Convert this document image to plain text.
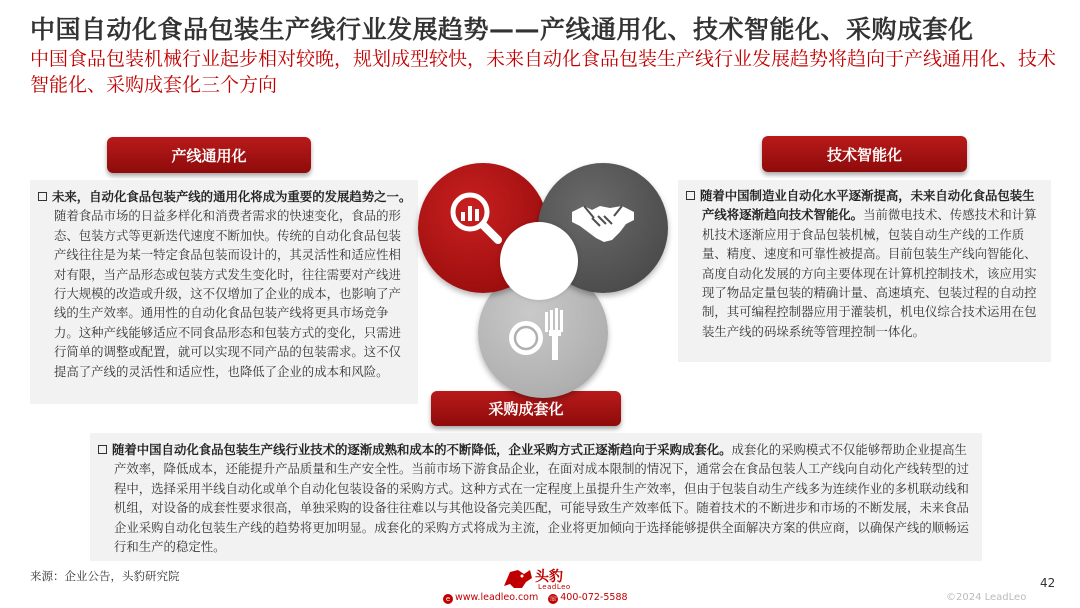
中国自动化食品包装生产线行业发展趋势——产线通用化、技术智能化、采购成套化
中国食品包装机械行业起步相对较晚，规划成型较快，未来自动化食品包装生产线行业发展趋势将趋向于产线通用化、技术智能化、采购成套化三个方向
产线通用化	技术智能化
采购成套化
未来，自动化食品包装产线的通用化将成为重要的发展趋势之一。随着食品市场的日益多样化和消费者需求的快速变化，食品的形态、包装方式等更新迭代速度不断加快。传统的自动化食品包装产线往往是为某一特定食品包装而设计的，其灵活性和适应性相对有限，当产品形态或包装方式发生变化时，往往需要对产线进行大规模的改造或升级，这不仅增加了企业的成本，也影响了产线的生产效率。通用性的自动化食品包装产线将更具市场竞争力。这种产线能够适应不同食品形态和包装方式的变化，只需进行简单的调整或配置，就可以实现不同产品的包装需求。这不仅提高了产线的灵活性和适应性，也降低了企业的成本和风险。
随着中国制造业自动化水平逐渐提高，未来自动化食品包装生产线将逐渐趋向技术智能化。当前微电技术、传感技术和计算机技术逐渐应用于食品包装机械，包装自动生产线的工作质量、精度、速度和可靠性被提高。目前包装生产线向智能化、高度自动化发展的方向主要体现在计算机控制技术，该应用实现了物品定量包装的精确计量、高速填充、包装过程的自动控制，其可编程控制器应用于灌装机，机电仪综合技术运用在包装生产线的码垛系统等管理控制一体化。
随着中国自动化食品包装生产线行业技术的逐渐成熟和成本的不断降低，企业采购方式正逐渐趋向于采购成套化。成套化的采购模式不仅能够帮助企业提高生产效率，降低成本，还能提升产品质量和生产安全性。当前市场下游食品企业，在面对成本限制的情况下，通常会在食品包装人工产线向自动化产线转型的过程中，选择采用半线自动化或单个自动化包装设备的采购方式。这种方式在一定程度上虽提升生产效率，但由于包装自动生产线多为连续作业的多机联动线和机组，对设备的成套性要求很高，单独采购的设备往往难以与其他设备完美匹配，可能导致生产效率低下。随着技术的不断进步和市场的不断发展，未来食品企业采购自动化包装生产线的趋势将更加明显。成套化的采购方式将成为主流，企业将更加倾向于选择能够提供全面解决方案的供应商，以确保产线的顺畅运行和生产的稳定性。
来源：企业公告，头豹研究院	头豹
LeadLeo
e www.leadleo.com ☏ 400-072-5588
42
©2024 LeadLeo
